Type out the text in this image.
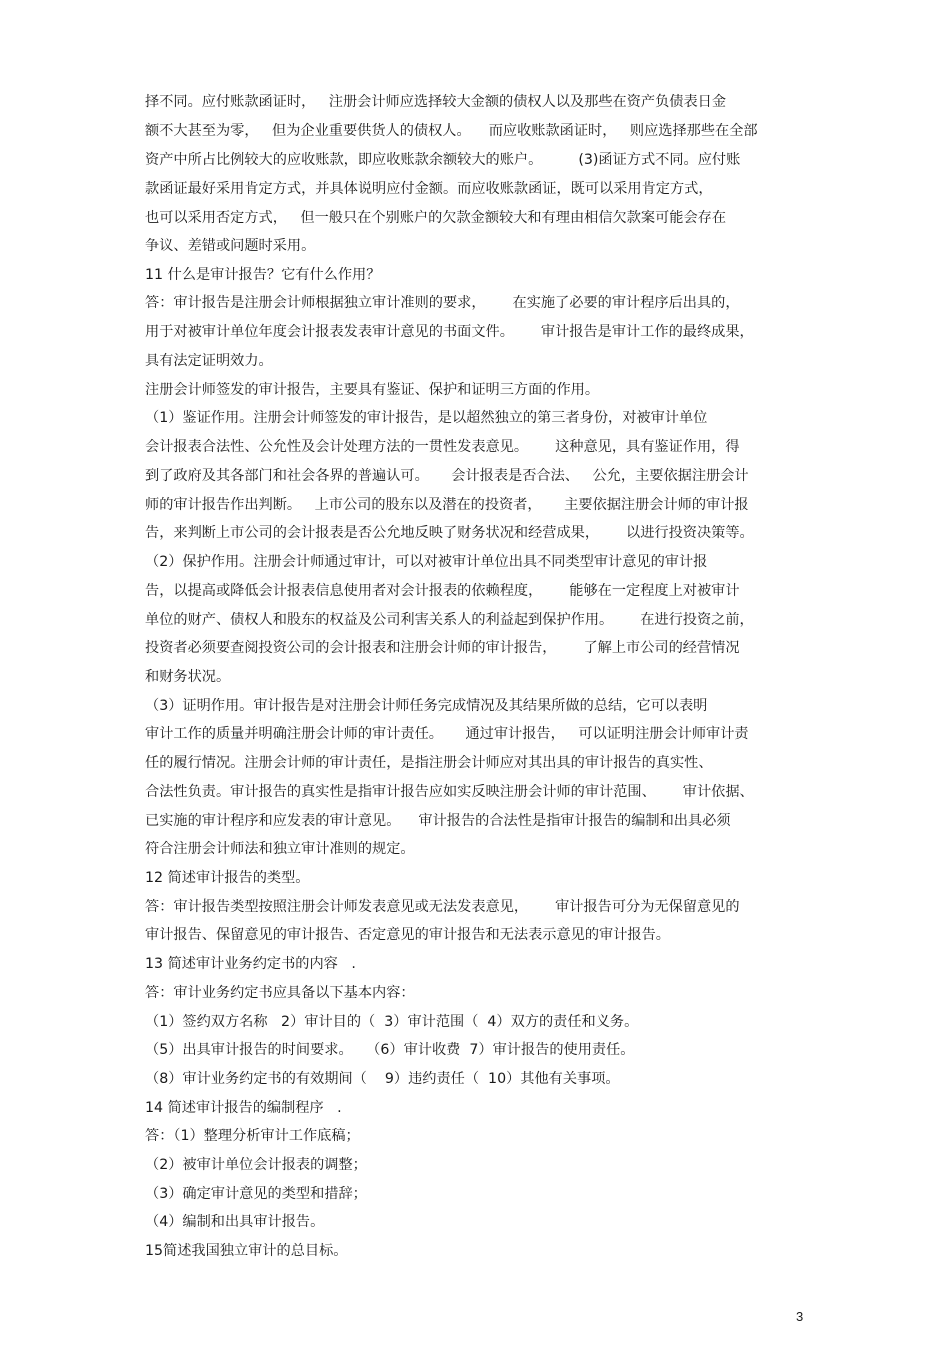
择不同。应付账款函证时，   注册会计师应选择较大金额的债权人以及那些在资产负债表日金
额不大甚至为零，   但为企业重要供货人的债权人。    而应收账款函证时，   则应选择那些在全部
资产中所占比例较大的应收账款，即应收账款余额较大的账户。        (3)函证方式不同。应付账
款函证最好采用肯定方式，并具体说明应付金额。而应收账款函证，既可以采用肯定方式，
也可以采用否定方式，   但一般只在个别账户的欠款金额较大和有理由相信欠款案可能会存在
争议、差错或问题时采用。
11 什么是审计报告？它有什么作用？
答：审计报告是注册会计师根据独立审计准则的要求，      在实施了必要的审计程序后出具的，
用于对被审计单位年度会计报表发表审计意见的书面文件。      审计报告是审计工作的最终成果，
具有法定证明效力。
注册会计师签发的审计报告，主要具有鉴证、保护和证明三方面的作用。
（1）鉴证作用。注册会计师签发的审计报告，是以超然独立的第三者身份，对被审计单位
会计报表合法性、公允性及会计处理方法的一贯性发表意见。      这种意见，具有鉴证作用，得
到了政府及其各部门和社会各界的普遍认可。     会计报表是否合法、   公允，主要依据注册会计
师的审计报告作出判断。   上市公司的股东以及潜在的投资者，     主要依据注册会计师的审计报
告，来判断上市公司的会计报表是否公允地反映了财务状况和经营成果，      以进行投资决策等。
（2）保护作用。注册会计师通过审计，可以对被审计单位出具不同类型审计意见的审计报
告，以提高或降低会计报表信息使用者对会计报表的依赖程度，      能够在一定程度上对被审计
单位的财产、债权人和股东的权益及公司利害关系人的利益起到保护作用。      在进行投资之前，
投资者必须要查阅投资公司的会计报表和注册会计师的审计报告，      了解上市公司的经营情况
和财务状况。
（3）证明作用。审计报告是对注册会计师任务完成情况及其结果所做的总结，它可以表明
审计工作的质量并明确注册会计师的审计责任。     通过审计报告，   可以证明注册会计师审计责
任的履行情况。注册会计师的审计责任，是指注册会计师应对其出具的审计报告的真实性、
合法性负责。审计报告的真实性是指审计报告应如实反映注册会计师的审计范围、      审计依据、
已实施的审计程序和应发表的审计意见。    审计报告的合法性是指审计报告的编制和出具必须
符合注册会计师法和独立审计准则的规定。
12 简述审计报告的类型。
答：审计报告类型按照注册会计师发表意见或无法发表意见，      审计报告可分为无保留意见的
审计报告、保留意见的审计报告、否定意见的审计报告和无法表示意见的审计报告。
13 简述审计业务约定书的内容   .
答：审计业务约定书应具备以下基本内容：
（1）签约双方名称   2）审计目的（  3）审计范围（  4）双方的责任和义务。
（5）出具审计报告的时间要求。   （6）审计收费  7）审计报告的使用责任。
（8）审计业务约定书的有效期间（    9）违约责任（  10）其他有关事项。
14 简述审计报告的编制程序   .
答：（1）整理分析审计工作底稿；
（2）被审计单位会计报表的调整；
（3）确定审计意见的类型和措辞；
（4）编制和出具审计报告。
15简述我国独立审计的总目标。
3
